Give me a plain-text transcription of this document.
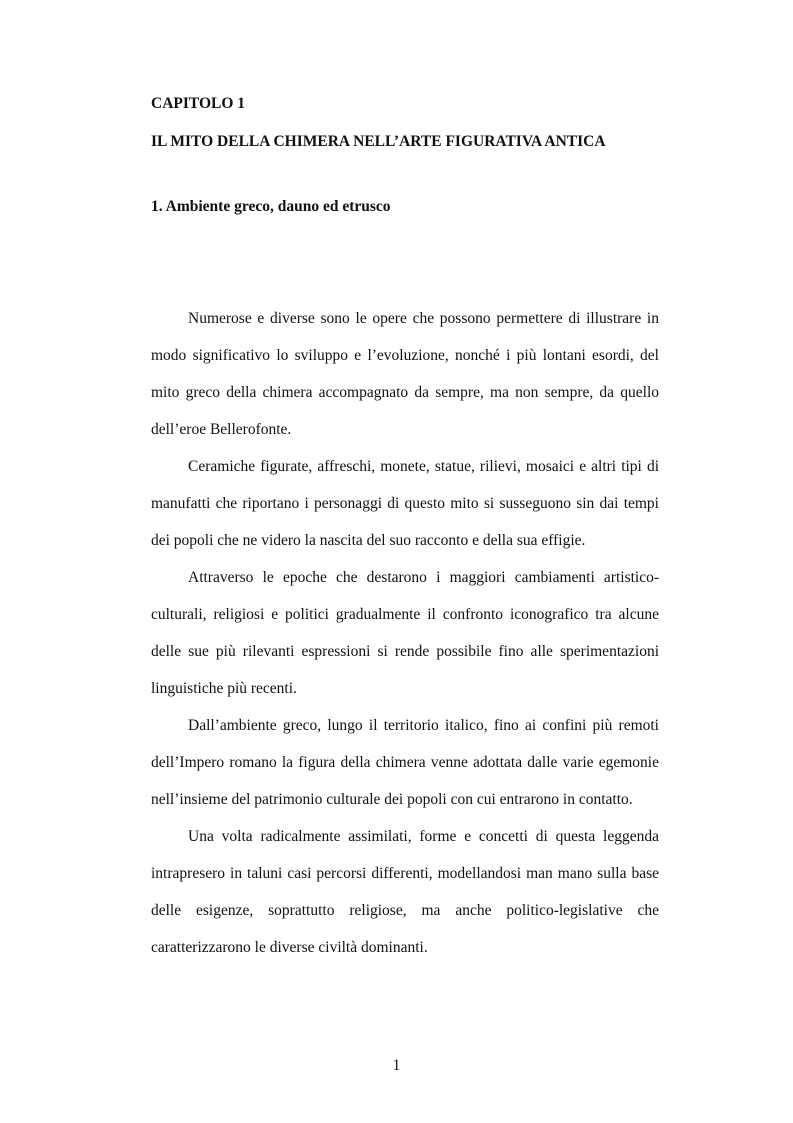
CAPITOLO 1

IL MITO DELLA CHIMERA NELL’ARTE FIGURATIVA ANTICA

1. Ambiente greco, dauno ed etrusco

Numerose e diverse sono le opere che possono permettere di illustrare in modo significativo lo sviluppo e l’evoluzione, nonché i più lontani esordi, del mito greco della chimera accompagnato da sempre, ma non sempre, da quello dell’eroe Bellerofonte.

Ceramiche figurate, affreschi, monete, statue, rilievi, mosaici e altri tipi di manufatti che riportano i personaggi di questo mito si susseguono sin dai tempi dei popoli che ne videro la nascita del suo racconto e della sua effigie.

Attraverso le epoche che destarono i maggiori cambiamenti artistico-culturali, religiosi e politici gradualmente il confronto iconografico tra alcune delle sue più rilevanti espressioni si rende possibile fino alle sperimentazioni linguistiche più recenti.

Dall’ambiente greco, lungo il territorio italico, fino ai confini più remoti dell’Impero romano la figura della chimera venne adottata dalle varie egemonie nell’insieme del patrimonio culturale dei popoli con cui entrarono in contatto.

Una volta radicalmente assimilati, forme e concetti di questa leggenda intrapresero in taluni casi percorsi differenti, modellandosi man mano sulla base delle esigenze, soprattutto religiose, ma anche politico-legislative che caratterizzarono le diverse civiltà dominanti.

1
